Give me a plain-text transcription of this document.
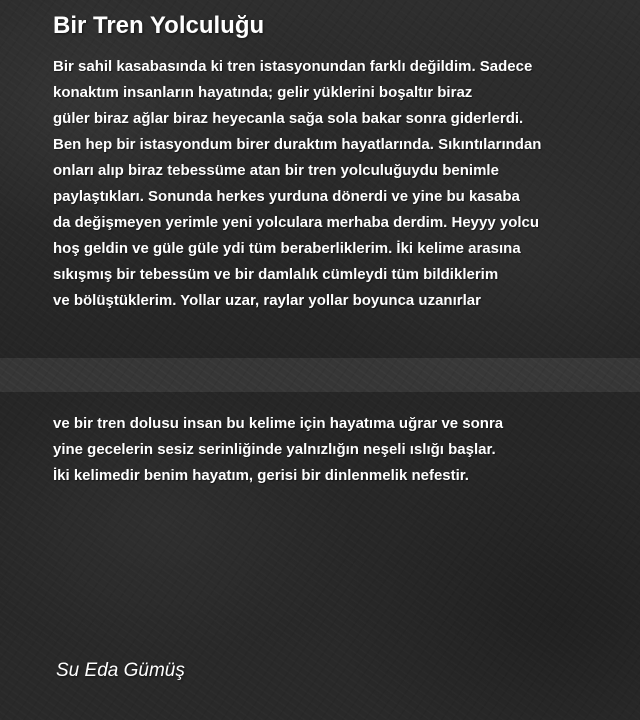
Bir Tren Yolculuğu
Bir sahil kasabasında ki tren istasyonundan farklı değildim. Sadece
konaktım insanların hayatında; gelir yüklerini boşaltır biraz
güler biraz ağlar biraz heyecanla sağa sola bakar sonra giderlerdi.
Ben hep bir istasyondum birer duraktım hayatlarında. Sıkıntılarından
onları alıp biraz tebessüme atan bir tren yolculuğuydu benimle
paylaştıkları. Sonunda herkes yurduna dönerdi ve yine bu kasaba
da değişmeyen yerimle yeni yolculara merhaba derdim. Heyyy yolcu
hoş geldin ve güle güle ydi tüm beraberliklerim. İki kelime arasına
sıkışmış bir tebessüm ve bir damlalık cümleydi tüm bildiklerim
ve bölüştüklerim. Yollar uzar, raylar yollar boyunca uzanırlar
ve bir tren dolusu insan bu kelime için hayatıma uğrar ve sonra
yine gecelerin sesiz serinliğinde yalnızlığın neşeli ıslığı başlar.
İki kelimedir benim hayatım, gerisi bir dinlenmelik nefestir.
Su Eda Gümüş
